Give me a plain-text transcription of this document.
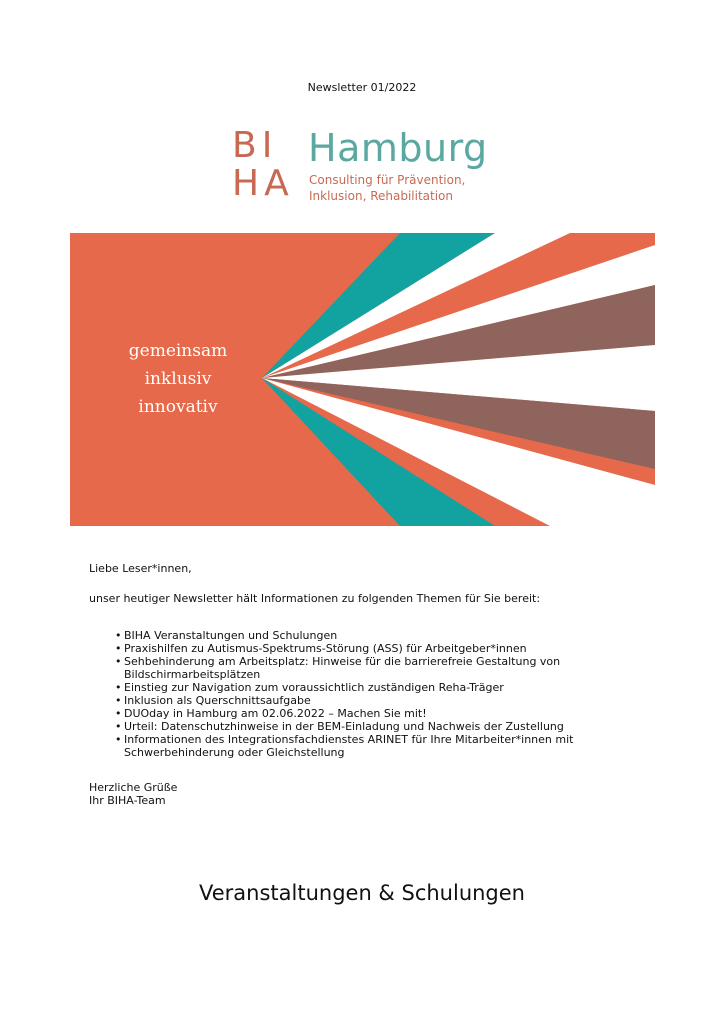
Newsletter 01/2022
BI
HA
Hamburg
Consulting für Prävention,
Inklusion, Rehabilitation
gemeinsam
inklusiv
innovativ

Liebe Leser*innen,

unser heutiger Newsletter hält Informationen zu folgenden Themen für Sie bereit:

• BIHA Veranstaltungen und Schulungen
• Praxishilfen zu Autismus-Spektrums-Störung (ASS) für Arbeitgeber*innen
• Sehbehinderung am Arbeitsplatz: Hinweise für die barrierefreie Gestaltung von Bildschirmarbeitsplätzen
• Einstieg zur Navigation zum voraussichtlich zuständigen Reha-Träger
• Inklusion als Querschnittsaufgabe
• DUOday in Hamburg am 02.06.2022 – Machen Sie mit!
• Urteil: Datenschutzhinweise in der BEM-Einladung und Nachweis der Zustellung
• Informationen des Integrationsfachdienstes ARINET für Ihre Mitarbeiter*innen mit Schwerbehinderung oder Gleichstellung
Herzliche Grüße
Ihr BIHA-Team
Veranstaltungen & Schulungen
